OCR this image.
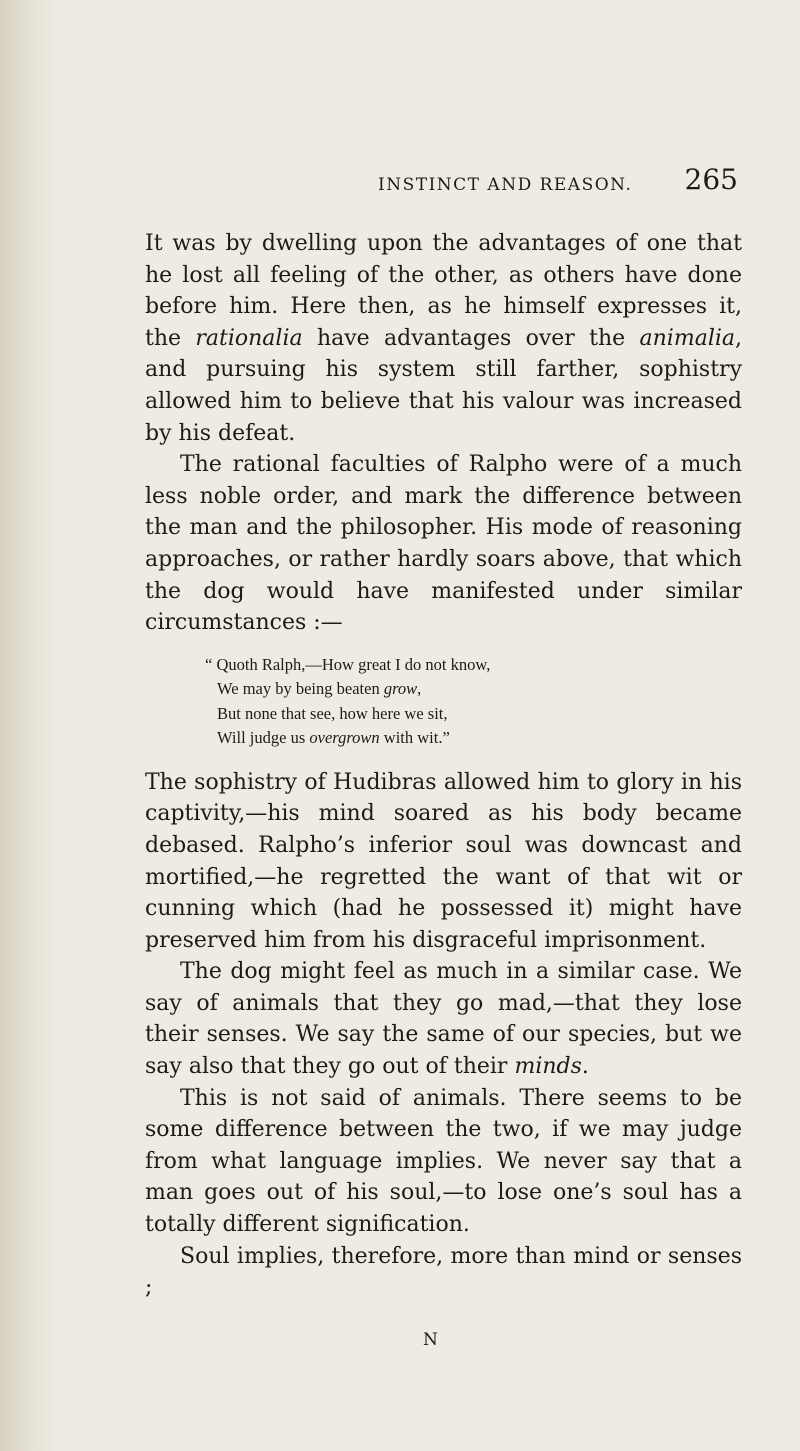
INSTINCT AND REASON. 265

It was by dwelling upon the advantages of one that he lost all feeling of the other, as others have done before him. Here then, as he himself expresses it, the rationalia have advantages over the animalia, and pursuing his system still farther, sophistry allowed him to believe that his valour was increased by his defeat.

The rational faculties of Ralpho were of a much less noble order, and mark the difference between the man and the philosopher. His mode of reasoning approaches, or rather hardly soars above, that which the dog would have manifested under similar circumstances :—

“ Quoth Ralph,—How great I do not know,
We may by being beaten grow,
But none that see, how here we sit,
Will judge us overgrown with wit.”

The sophistry of Hudibras allowed him to glory in his captivity,—his mind soared as his body became debased. Ralpho’s inferior soul was downcast and mortified,—he regretted the want of that wit or cunning which (had he possessed it) might have preserved him from his disgraceful imprisonment.

The dog might feel as much in a similar case. We say of animals that they go mad,—that they lose their senses. We say the same of our species, but we say also that they go out of their minds.

This is not said of animals. There seems to be some difference between the two, if we may judge from what language implies. We never say that a man goes out of his soul,—to lose one’s soul has a totally different signification.

Soul implies, therefore, more than mind or senses ;

N
